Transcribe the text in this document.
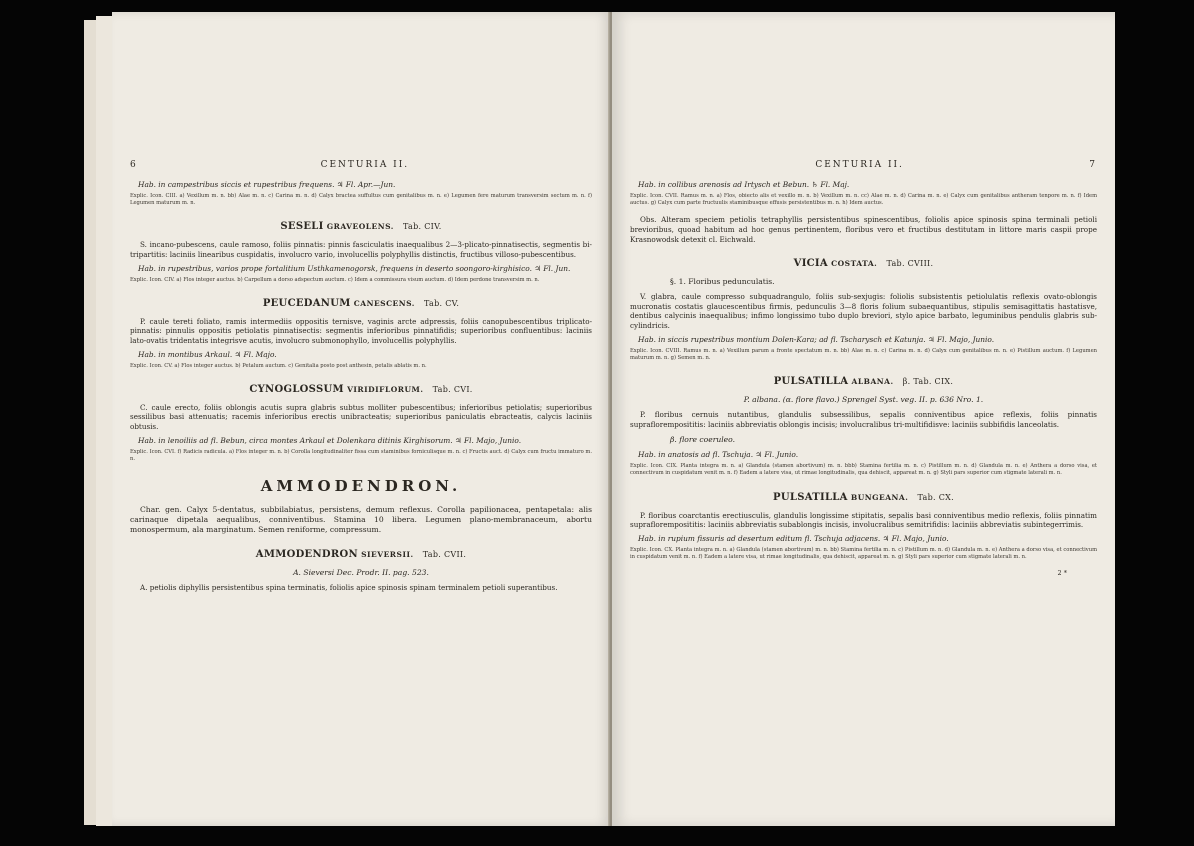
6	CENTURIA II.

Hab. in campestribus siccis et rupestribus frequens. ♃ Fl. Apr.—Jun.

Explic. Icon. CIII. a) Vexillum m. n. bb) Alae m. n. c) Carina m. n. d) Calyx bractea suffultus cum genitalibus m. n. e) Legumen fere maturum transversim sectum m. n. f) Legumen maturum m. n.

SESELI GRAVEOLENS. Tab. CIV.

S. incano-pubescens, caule ramoso, foliis pinnatis: pinnis fasciculatis inaequalibus 2—3-plicato-pinnatisectis, segmentis bi-tripartitis: laciniis linearibus cuspidatis, involucro vario, involucellis polyphyllis distinctis, fructibus villoso-pubescentibus.

Hab. in rupestribus, varios prope fortalitium Usthkamenogorsk, frequens in deserto soongoro-kirghisico. ♃ Fl. Jun.

Explic. Icon. CIV. a) Flos integer auctus. b) Carpellum a dorso adspectum auctum. c) Idem a commissura visum auctum. d) Idem perdone transversim m. n.

PEUCEDANUM CANESCENS. Tab. CV.

P. caule tereti foliato, ramis intermediis oppositis ternisve, vaginis arcte adpressis, foliis canopubescentibus triplicato-pinnatis: pinnulis oppositis petiolatis pinnatisectis: segmentis inferioribus pinnatifidis; superioribus confluentibus: laciniis lato-ovatis tridentatis integrisve acutis, involucro submonophyllo, involucellis polyphyllis.

Hab. in montibus Arkaul. ♃ Fl. Majo.

Explic. Icon. CV. a) Flos integer auctus. b) Petalum auctum. c) Genitalia posto post anthesin, petalis ablatis m. n.

CYNOGLOSSUM VIRIDIFLORUM. Tab. CVI.

C. caule erecto, foliis oblongis acutis supra glabris subtus molliter pubescentibus; inferioribus petiolatis; superioribus sessilibus basi attenuatis; racemis inferioribus erectis unibracteatis; superioribus paniculatis ebracteatis, calycis laciniis obtusis.

Hab. in lenoiliis ad fl. Bebun, circa montes Arkaul et Dolenkara ditinis Kirghisorum. ♃ Fl. Majo, Junio.

Explic. Icon. CVI. f) Radicis radicula. a) Flos integer m. n. b) Corolla longitudinaliter fissa cum staminibus forniculisque m. n. c) Fructis auct. d) Calyx cum fructu immaturo m. n.

AMMODENDRON.

Char. gen. Calyx 5-dentatus, subbilabiatus, persistens, demum reflexus. Corolla papilionacea, pentapetala: alis carinaque dipetala aequalibus, conniventibus. Stamina 10 libera. Legumen plano-membranaceum, abortu monospermum, ala marginatum. Semen reniforme, compressum.

AMMODENDRON SIEVERSII. Tab. CVII.

A. Sieversi Dec. Prodr. II. pag. 523.

A. petiolis diphyllis persistentibus spina terminatis, foliolis apice spinosis spinam terminalem petioli superantibus.

CENTURIA II.	7

Hab. in collibus arenosis ad Irtysch et Bebun. ♄ Fl. Maj.

Explic. Icon. CVII. Ramus m. n. a) Flos, obiecto alis et vexillo m. n. b) Vexillum m. n. cc) Alae m. n. d) Carina m. n. e) Calyx cum genitalibus antheram tenpore m. n. f) Idem auctus. g) Calyx cum parte fructuulis staminibusque effusis persistentibus m. n. h) Idem auctus.

Obs. Alteram speciem petiolis tetraphyllis persistentibus spinescentibus, foliolis apice spinosis spina terminali petioli brevioribus, quoad habitum ad hoc genus pertinentem, floribus vero et fructibus destitutam in littore maris caspii prope Krasnowodsk detexit cl. Eichwald.

VICIA COSTATA. Tab. CVIII.

§. 1. Floribus pedunculatis.

V. glabra, caule compresso subquadrangulo, foliis sub-sexjugis: foliolis subsistentis petiolulatis reflexis ovato-oblongis mucronatis costatis glaucescentibus firmis, pedunculis 3—8 floris folium subaequantibus, stipulis semisagittatis hastatisve, dentibus calycinis inaequalibus; infimo longissimo tubo duplo breviori, stylo apice barbato, leguminibus pendulis glabris sub-cylindricis.

Hab. in siccis rupestribus montium Dolen-Kara; ad fl. Tscharysch et Katunja. ♃ Fl. Majo, Junio.

Explic. Icon. CVIII. Ramus m. n. a) Vexillum parum a fronte spectatum m. n. bb) Alae m. n. c) Carina m. n. d) Calyx cum genitalibus m. n. e) Pistillum auctum. f) Legumen maturum m. n. g) Semen m. n.

PULSATILLA ALBANA. β. Tab. CIX.

P. albana. (α. flore flavo.) Sprengel Syst. veg. II. p. 636 Nro. 1.

P. floribus cernuis nutantibus, glandulis subsessilibus, sepalis conniventibus apice reflexis, foliis pinnatis suprafloremposititis: laciniis abbreviatis oblongis incisis; involucralibus tri-multifidisve: laciniis subbifidis lanceolatis.

β. flore coeruleo.

Hab. in anatosis ad fl. Tschuja. ♃ Fl. Junio.

Explic. Icon. CIX. Planta integra m. n. a) Glandula (stamen abortivum) m. n. bbb) Stamina fertilia m. n. c) Pistillum m. n. d) Glandula m. n. e) Anthera a dorso visa, et connectivum in cuspidatum venit m. n. f) Eadem a latere visa, ut rimae longitudinalis, qua dehiscit, appareat m. n. g) Styli pars superior cum stigmate laterali m. n.

PULSATILLA BUNGEANA. Tab. CX.

P. floribus coarctantis erectiusculis, glandulis longissime stipitatis, sepalis basi conniventibus medio reflexis, foliis pinnatim suprafloremposititis: laciniis abbreviatis subablongis incisis, involucralibus semitrifidis: laciniis abbreviatis subintegerrimis.

Hab. in rupium fissuris ad desertum editum fl. Tschuja adjacens. ♃ Fl. Majo, Junio.

Explic. Icon. CX. Planta integra m. n. a) Glandula (stamen abortivum) m. n. bb) Stamina fertilia m. n. c) Pistillum m. n. d) Glandula m. n. e) Anthera a dorso visa, et connectivum in cuspidatum venit m. n. f) Eadem a latere visa, ut rimae longitudinalis, qua dehiscit, appareat m. n. g) Styli pars superior cum stigmate laterali m. n.

2 *
